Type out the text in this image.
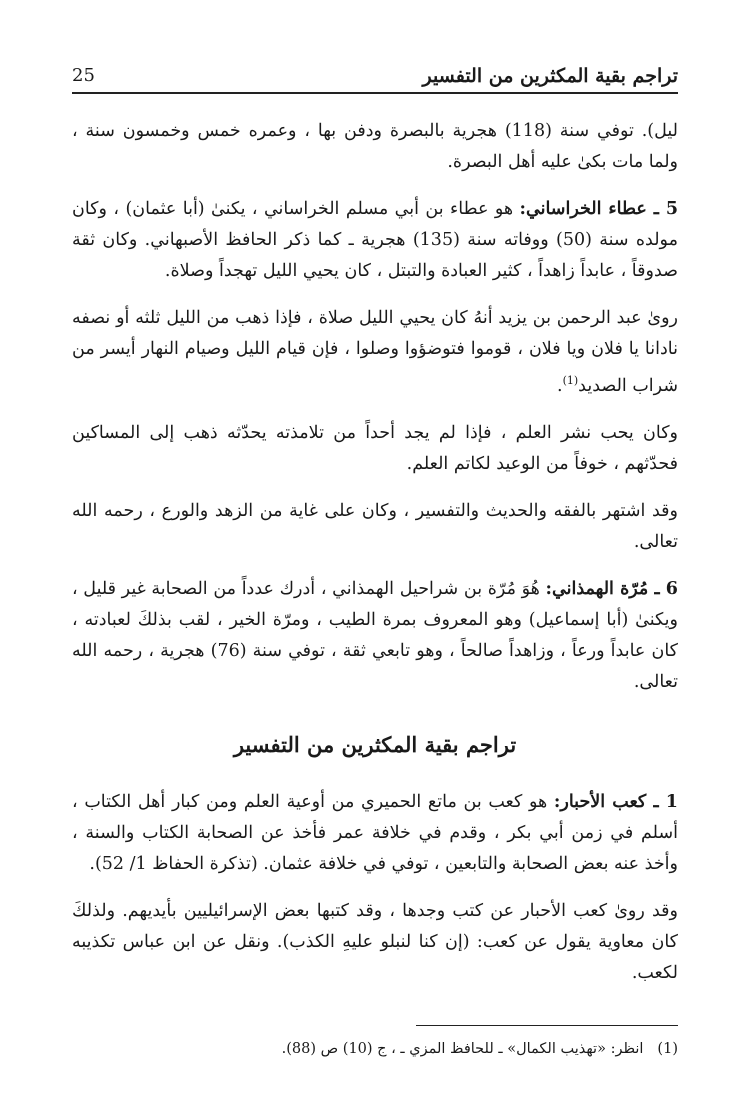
25	تراجم بقية المكثرين من التفسير

ليل). توفي سنة (118) هجرية بالبصرة ودفن بها ، وعمره خمس وخمسون سنة ، ولما مات بكىٰ عليه أهل البصرة.

5 ـ عطاء الخراساني: هو عطاء بن أبي مسلم الخراساني ، يكنىٰ (أبا عثمان) ، وكان مولده سنة (50) ووفاته سنة (135) هجرية ـ كما ذكر الحافظ الأصبهاني. وكان ثقة صدوقاً ، عابداً زاهداً ، كثير العبادة والتبتل ، كان يحيي الليل تهجداً وصلاة.

روىٰ عبد الرحمن بن يزيد أنهُ كان يحيي الليل صلاة ، فإذا ذهب من الليل ثلثه أو نصفه نادانا يا فلان ويا فلان ، قوموا فتوضؤوا وصلوا ، فإن قيام الليل وصيام النهار أيسر من شراب الصديد$^{(1)}$.

وكان يحب نشر العلم ، فإذا لم يجد أحداً من تلامذته يحدّثه ذهب إلى المساكين فحدّثهم ، خوفاً من الوعيد لكاتم العلم.

وقد اشتهر بالفقه والحديث والتفسير ، وكان على غاية من الزهد والورع ، رحمه الله تعالى.

6 ـ مُرّة الهمذاني: هُوَ مُرّة بن شراحيل الهمذاني ، أدرك عدداً من الصحابة غير قليل ، ويكنىٰ (أبا إسماعيل) وهو المعروف بمرة الطيب ، ومرّة الخير ، لقب بذلكَ لعبادته ، كان عابداً ورعاً ، وزاهداً صالحاً ، وهو تابعي ثقة ، توفي سنة (76) هجرية ، رحمه الله تعالى.

تراجم بقية المكثرين من التفسير

1 ـ كعب الأحبار: هو كعب بن ماتع الحميري من أوعية العلم ومن كبار أهل الكتاب ، أسلم في زمن أبي بكر ، وقدم في خلافة عمر فأخذ عن الصحابة الكتاب والسنة ، وأخذ عنه بعض الصحابة والتابعين ، توفي في خلافة عثمان. (تذكرة الحفاظ 1/ 52).

وقد روىٰ كعب الأحبار عن كتب وجدها ، وقد كتبها بعض الإسرائيليين بأيديهم. ولذلكَ كان معاوية يقول عن كعب: (إن كنا لنبلو عليهِ الكذب). ونقل عن ابن عباس تكذيبه لكعب.

(1)
انظر: «تهذيب الكمال» ـ للحافظ المزي ـ ، ج (10) ص (88).
